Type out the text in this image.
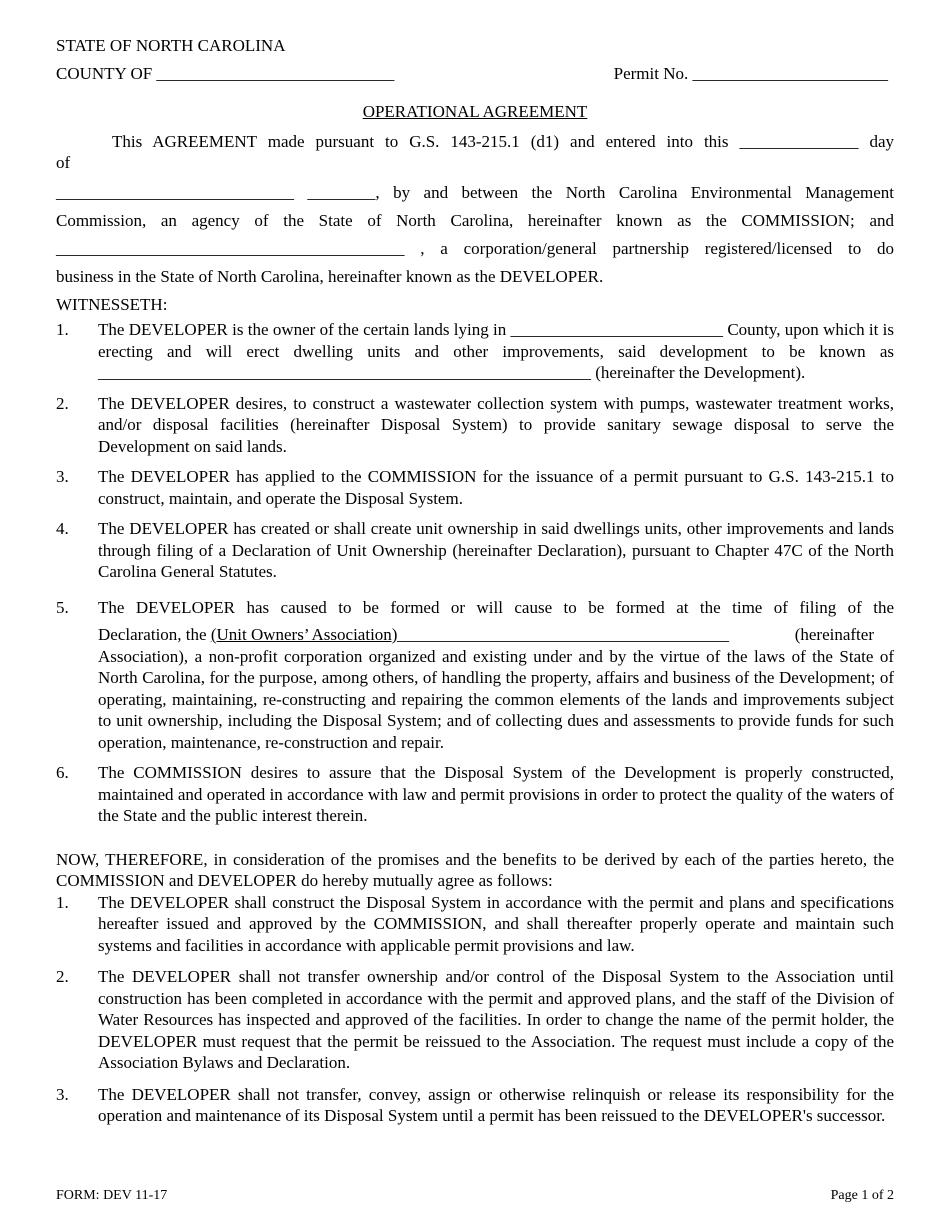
STATE OF NORTH CAROLINA
COUNTY OF ____________________________	Permit No. _______________________
OPERATIONAL AGREEMENT
This AGREEMENT made pursuant to G.S. 143-215.1 (d1) and entered into this ______________ day
of
____________________________ ________, by and between the North Carolina Environmental Management
Commission, an agency of the State of North Carolina, hereinafter known as the COMMISSION; and
_________________________________________ , a corporation/general partnership registered/licensed to do
business in the State of North Carolina, hereinafter known as the DEVELOPER.
WITNESSETH:
1.	The DEVELOPER is the owner of the certain lands lying in _________________________ County, upon which it is erecting and will erect dwelling units and other improvements, said development to be known as __________________________________________________________ (hereinafter the Development).
2.	The DEVELOPER desires, to construct a wastewater collection system with pumps, wastewater treatment works, and/or disposal facilities (hereinafter Disposal System) to provide sanitary sewage disposal to serve the Development on said lands.
3.	The DEVELOPER has applied to the COMMISSION for the issuance of a permit pursuant to G.S. 143-215.1 to construct, maintain, and operate the Disposal System.
4.	The DEVELOPER has created or shall create unit ownership in said dwellings units, other improvements and lands through filing of a Declaration of Unit Ownership (hereinafter Declaration), pursuant to Chapter 47C of the North Carolina General Statutes.
5.	The DEVELOPER has caused to be formed or will cause to be formed at the time of filing of the
Declaration, the (Unit Owners’ Association)_______________________________________	(hereinafter
Association), a non-profit corporation organized and existing under and by the virtue of the laws of the State of North Carolina, for the purpose, among others, of handling the property, affairs and business of the Development; of operating, maintaining, re-constructing and repairing the common elements of the lands and improvements subject to unit ownership, including the Disposal System; and of collecting dues and assessments to provide funds for such operation, maintenance, re-construction and repair.
6.	The COMMISSION desires to assure that the Disposal System of the Development is properly constructed, maintained and operated in accordance with law and permit provisions in order to protect the quality of the waters of the State and the public interest therein.
NOW, THEREFORE, in consideration of the promises and the benefits to be derived by each of the parties hereto, the COMMISSION and DEVELOPER do hereby mutually agree as follows:
1.	The DEVELOPER shall construct the Disposal System in accordance with the permit and plans and specifications hereafter issued and approved by the COMMISSION, and shall thereafter properly operate and maintain such systems and facilities in accordance with applicable permit provisions and law.
2.	The DEVELOPER shall not transfer ownership and/or control of the Disposal System to the Association until construction has been completed in accordance with the permit and approved plans, and the staff of the Division of Water Resources has inspected and approved of the facilities. In order to change the name of the permit holder, the DEVELOPER must request that the permit be reissued to the Association. The request must include a copy of the Association Bylaws and Declaration.
3.	The DEVELOPER shall not transfer, convey, assign or otherwise relinquish or release its responsibility for the operation and maintenance of its Disposal System until a permit has been reissued to the DEVELOPER's successor.
FORM: DEV 11-17	Page 1 of 2
